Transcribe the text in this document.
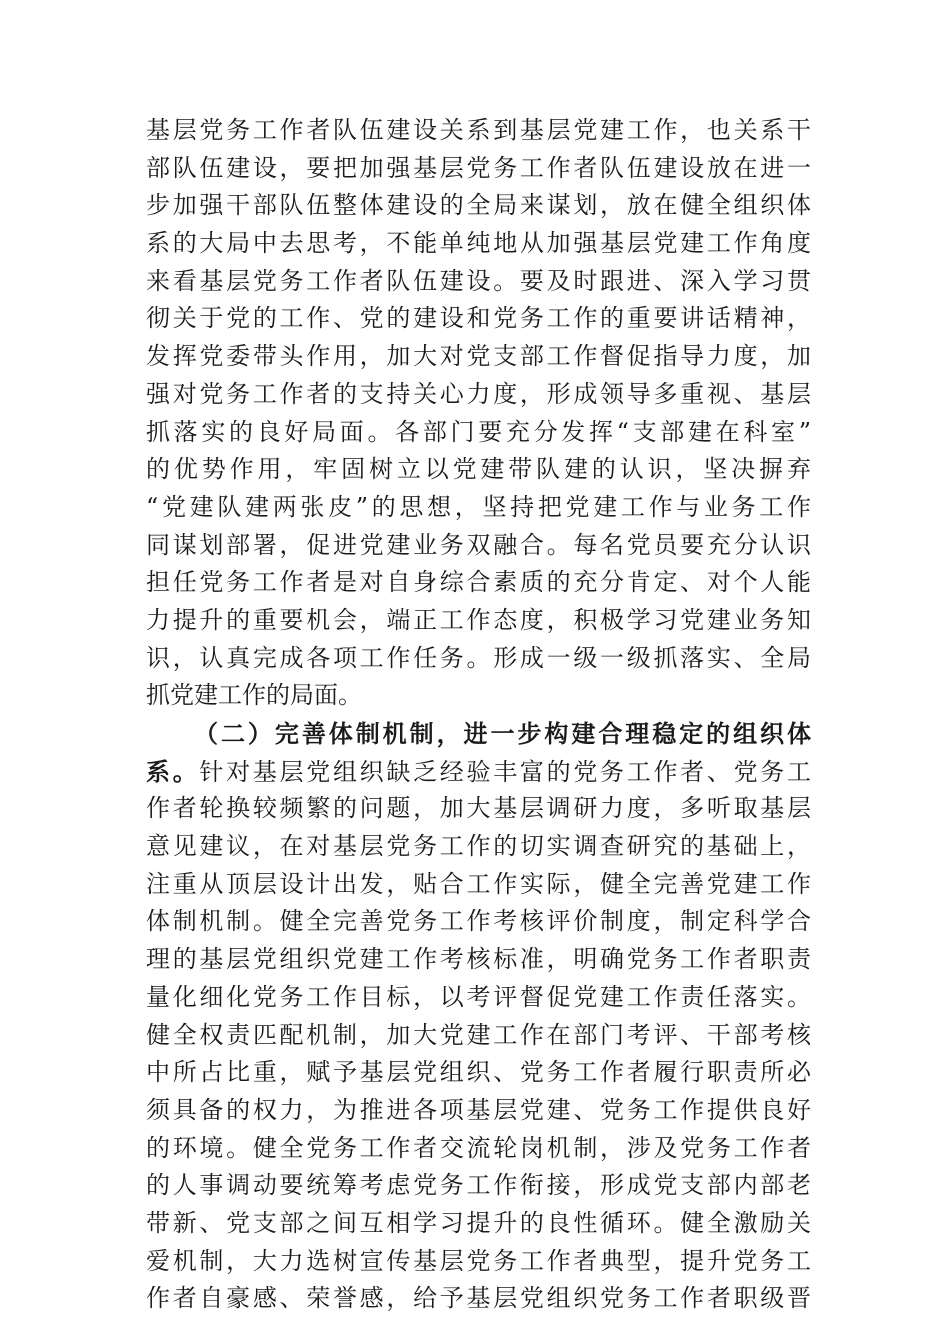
基层党务工作者队伍建设关系到基层党建工作，也关系干
部队伍建设，要把加强基层党务工作者队伍建设放在进一
步加强干部队伍整体建设的全局来谋划，放在健全组织体
系的大局中去思考，不能单纯地从加强基层党建工作角度
来看基层党务工作者队伍建设。要及时跟进、深入学习贯
彻关于党的工作、党的建设和党务工作的重要讲话精神，
发挥党委带头作用，加大对党支部工作督促指导力度，加
强对党务工作者的支持关心力度，形成领导多重视、基层
抓落实的良好局面。各部门要充分发挥“支部建在科室”
的优势作用，牢固树立以党建带队建的认识，坚决摒弃
“党建队建两张皮”的思想，坚持把党建工作与业务工作
同谋划部署，促进党建业务双融合。每名党员要充分认识
担任党务工作者是对自身综合素质的充分肯定、对个人能
力提升的重要机会，端正工作态度，积极学习党建业务知
识，认真完成各项工作任务。形成一级一级抓落实、全局
抓党建工作的局面。
（二）完善体制机制，进一步构建合理稳定的组织体
系。针对基层党组织缺乏经验丰富的党务工作者、党务工
作者轮换较频繁的问题，加大基层调研力度，多听取基层
意见建议，在对基层党务工作的切实调查研究的基础上，
注重从顶层设计出发，贴合工作实际，健全完善党建工作
体制机制。健全完善党务工作考核评价制度，制定科学合
理的基层党组织党建工作考核标准，明确党务工作者职责
量化细化党务工作目标，以考评督促党建工作责任落实。
健全权责匹配机制，加大党建工作在部门考评、干部考核
中所占比重，赋予基层党组织、党务工作者履行职责所必
须具备的权力，为推进各项基层党建、党务工作提供良好
的环境。健全党务工作者交流轮岗机制，涉及党务工作者
的人事调动要统筹考虑党务工作衔接，形成党支部内部老
带新、党支部之间互相学习提升的良性循环。健全激励关
爱机制，大力选树宣传基层党务工作者典型，提升党务工
作者自豪感、荣誉感，给予基层党组织党务工作者职级晋
